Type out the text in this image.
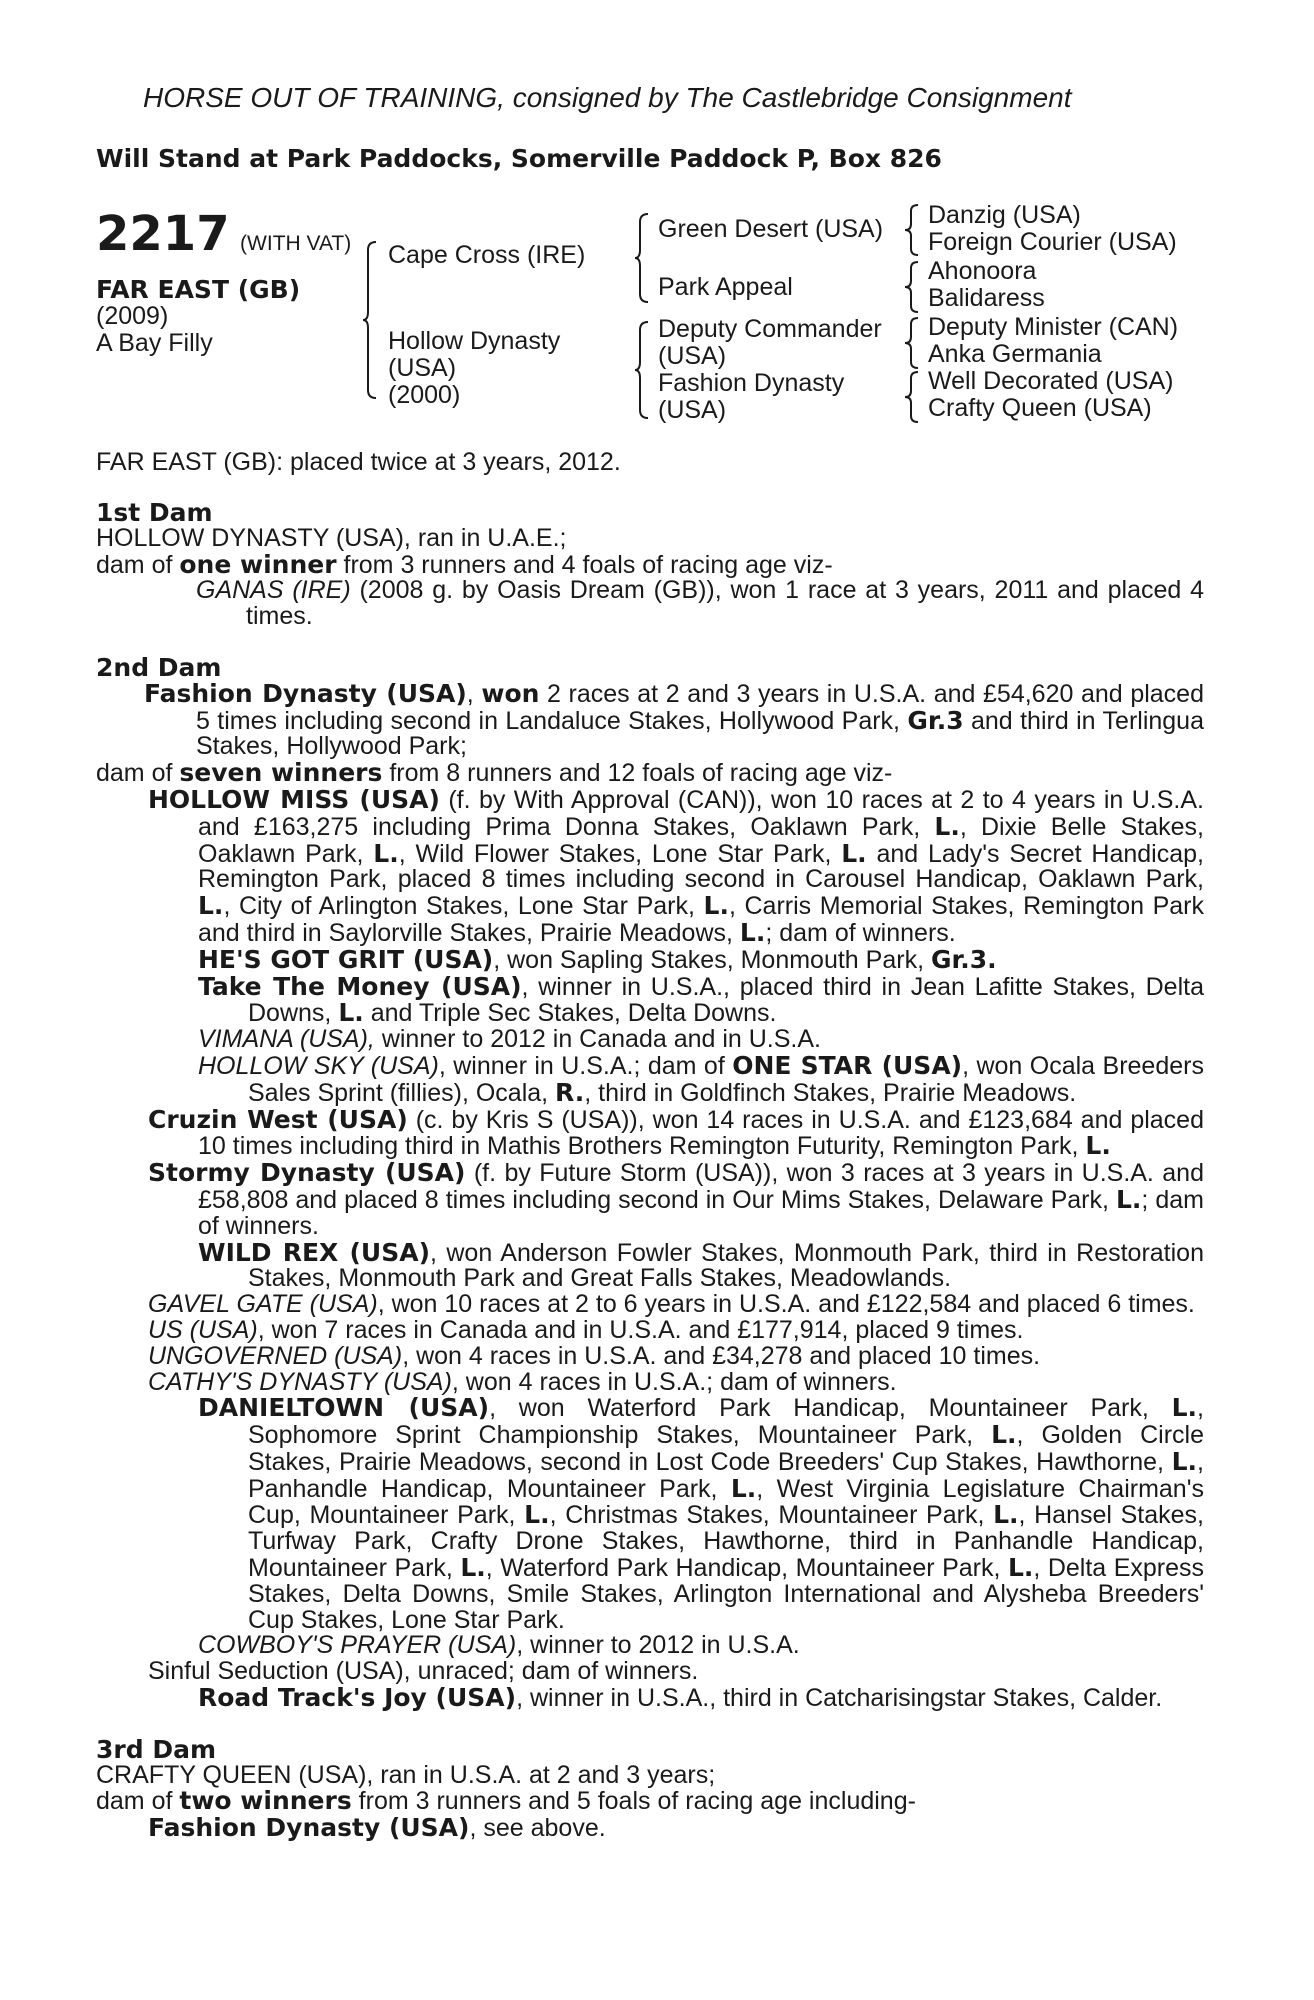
HORSE OUT OF TRAINING, consigned by The Castlebridge Consignment
Will Stand at Park Paddocks, Somerville Paddock P, Box 826
2217 (WITH VAT)
FAR EAST (GB)
(2009)
A Bay Filly
Cape Cross (IRE)
Hollow Dynasty
(USA)
(2000)
Green Desert (USA)
Park Appeal
Deputy Commander
(USA)
Fashion Dynasty
(USA)
Danzig (USA)
Foreign Courier (USA)
Ahonoora
Balidaress
Deputy Minister (CAN)
Anka Germania
Well Decorated (USA)
Crafty Queen (USA)
FAR EAST (GB): placed twice at 3 years, 2012.

1st Dam

HOLLOW DYNASTY (USA), ran in U.A.E.;

dam of one winner from 3 runners and 4 foals of racing age viz-

GANAS (IRE) (2008 g. by Oasis Dream (GB)), won 1 race at 3 years, 2011 and placed 4 times.

2nd Dam

Fashion Dynasty (USA), won 2 races at 2 and 3 years in U.S.A. and £54,620 and placed 5 times including second in Landaluce Stakes, Hollywood Park, Gr.3 and third in Terlingua Stakes, Hollywood Park;

dam of seven winners from 8 runners and 12 foals of racing age viz-

HOLLOW MISS (USA) (f. by With Approval (CAN)), won 10 races at 2 to 4 years in U.S.A. and £163,275 including Prima Donna Stakes, Oaklawn Park, L., Dixie Belle Stakes, Oaklawn Park, L., Wild Flower Stakes, Lone Star Park, L. and Lady's Secret Handicap, Remington Park, placed 8 times including second in Carousel Handicap, Oaklawn Park, L., City of Arlington Stakes, Lone Star Park, L., Carris Memorial Stakes, Remington Park and third in Saylorville Stakes, Prairie Meadows, L.; dam of winners.

HE'S GOT GRIT (USA), won Sapling Stakes, Monmouth Park, Gr.3.

Take The Money (USA), winner in U.S.A., placed third in Jean Lafitte Stakes, Delta Downs, L. and Triple Sec Stakes, Delta Downs.

VIMANA (USA), winner to 2012 in Canada and in U.S.A.

HOLLOW SKY (USA), winner in U.S.A.; dam of ONE STAR (USA), won Ocala Breeders Sales Sprint (fillies), Ocala, R., third in Goldfinch Stakes, Prairie Meadows.

Cruzin West (USA) (c. by Kris S (USA)), won 14 races in U.S.A. and £123,684 and placed 10 times including third in Mathis Brothers Remington Futurity, Remington Park, L.

Stormy Dynasty (USA) (f. by Future Storm (USA)), won 3 races at 3 years in U.S.A. and £58,808 and placed 8 times including second in Our Mims Stakes, Delaware Park, L.; dam of winners.

WILD REX (USA), won Anderson Fowler Stakes, Monmouth Park, third in Restoration Stakes, Monmouth Park and Great Falls Stakes, Meadowlands.

GAVEL GATE (USA), won 10 races at 2 to 6 years in U.S.A. and £122,584 and placed 6 times.

US (USA), won 7 races in Canada and in U.S.A. and £177,914, placed 9 times.

UNGOVERNED (USA), won 4 races in U.S.A. and £34,278 and placed 10 times.

CATHY'S DYNASTY (USA), won 4 races in U.S.A.; dam of winners.

DANIELTOWN (USA), won Waterford Park Handicap, Mountaineer Park, L., Sophomore Sprint Championship Stakes, Mountaineer Park, L., Golden Circle Stakes, Prairie Meadows, second in Lost Code Breeders' Cup Stakes, Hawthorne, L., Panhandle Handicap, Mountaineer Park, L., West Virginia Legislature Chairman's Cup, Mountaineer Park, L., Christmas Stakes, Mountaineer Park, L., Hansel Stakes, Turfway Park, Crafty Drone Stakes, Hawthorne, third in Panhandle Handicap, Mountaineer Park, L., Waterford Park Handicap, Mountaineer Park, L., Delta Express Stakes, Delta Downs, Smile Stakes, Arlington International and Alysheba Breeders' Cup Stakes, Lone Star Park.

COWBOY'S PRAYER (USA), winner to 2012 in U.S.A.

Sinful Seduction (USA), unraced; dam of winners.

Road Track's Joy (USA), winner in U.S.A., third in Catcharisingstar Stakes, Calder.

3rd Dam

CRAFTY QUEEN (USA), ran in U.S.A. at 2 and 3 years;

dam of two winners from 3 runners and 5 foals of racing age including-

Fashion Dynasty (USA), see above.
